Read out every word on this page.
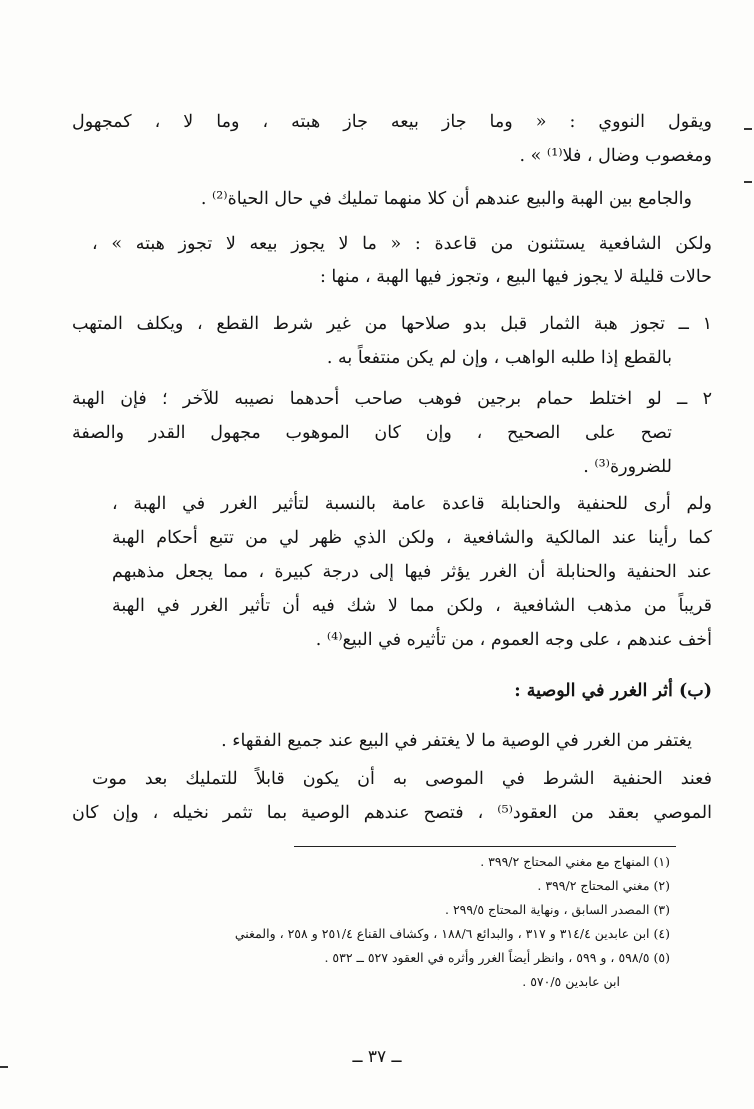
ويقول النووي : « وما جاز بيعه جاز هبته ، وما لا ، كمجهول
ومغصوب وضال ، فلا⁽¹⁾ » .
والجامع بين الهبة والبيع عندهم أن كلا منهما تمليك في حال الحياة⁽²⁾ .
ولكن الشافعية يستثنون من قاعدة : « ما لا يجوز بيعه لا تجوز هبته » ،
حالات قليلة لا يجوز فيها البيع ، وتجوز فيها الهبة ، منها :
١ ــ تجوز هبة الثمار قبل بدو صلاحها من غير شرط القطع ، ويكلف المتهب
بالقطع إذا طلبه الواهب ، وإن لم يكن منتفعاً به .
٢ ــ لو اختلط حمام برجين فوهب صاحب أحدهما نصيبه للآخر ؛ فإن الهبة
تصح على الصحيح ، وإن كان الموهوب مجهول القدر والصفة
للضرورة⁽³⁾ .
ولم أرى للحنفية والحنابلة قاعدة عامة بالنسبة لتأثير الغرر في الهبة ،
كما رأينا عند المالكية والشافعية ، ولكن الذي ظهر لي من تتبع أحكام الهبة
عند الحنفية والحنابلة أن الغرر يؤثر فيها إلى درجة كبيرة ، مما يجعل مذهبهم
قريباً من مذهب الشافعية ، ولكن مما لا شك فيه أن تأثير الغرر في الهبة
أخف عندهم ، على وجه العموم ، من تأثيره في البيع⁽⁴⁾ .
(ب) أثر الغرر في الوصية :
يغتفر من الغرر في الوصية ما لا يغتفر في البيع عند جميع الفقهاء .
فعند الحنفية الشرط في الموصى به أن يكون قابلاً للتمليك بعد موت
الموصي بعقد من العقود⁽⁵⁾ ، فتصح عندهم الوصية بما تثمر نخيله ، وإن كان
(١) المنهاج مع مغني المحتاج ٣٩٩/٢ .
(٢) مغني المحتاج ٣٩٩/٢ .
(٣) المصدر السابق ، ونهاية المحتاج ٢٩٩/٥ .
(٤) ابن عابدين ٣١٤/٤ و ٣١٧ ، والبدائع ١٨٨/٦ ، وكشاف القناع ٢٥١/٤ و ٢٥٨ ، والمغني
(٥) ٥٩٨/٥ ، و ٥٩٩ ، وانظر أيضاً الغرر وأثره في العقود ٥٢٧ ــ ٥٣٢ .
ابن عابدين ٥٧٠/٥ .
ــ ٣٧ ــ
